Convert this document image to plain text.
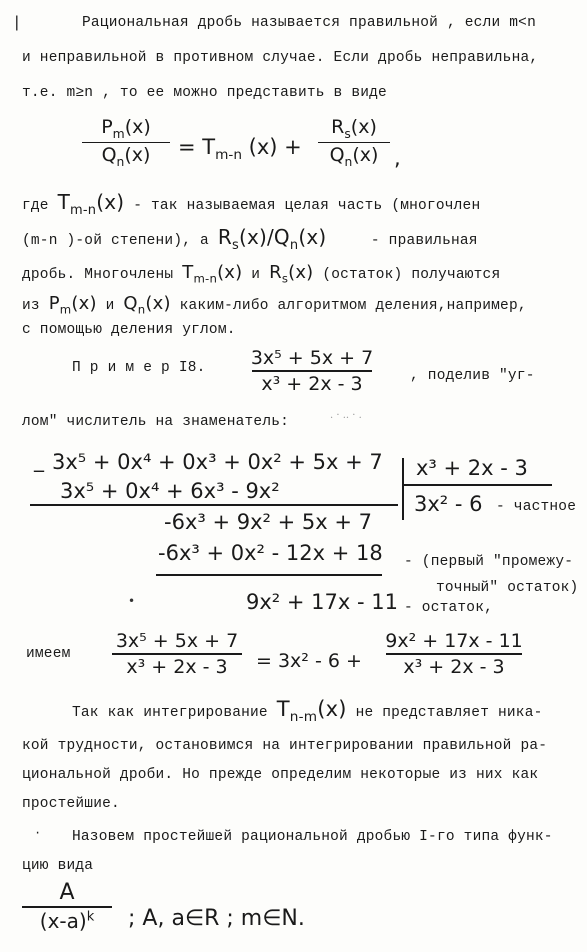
|	Рациональная дробь называется правильной , если m<n
и неправильной в противном случае. Если дробь неправильна,
т.е. m≥n , то ее можно представить в виде
$P_m(x)$
$Q_n(x) = T_{m-n}$ (x) +
$R_s(x)$
$Q_n(x)$ ,
где $T_{m-n}(x)$ - так называемая целая часть (многочлен
(m-n )-ой степени), а $R_s(x)/Q_n(x)$	- правильная
дробь. Многочлены $T_{m-n}(x)$ и $R_s(x)$ (остаток) получаются
из $P_m(x)$ и $Q_n(x)$ каким-либо алгоритмом деления,например,
с помощью деления углом.
П р и м е р I8. 3x⁵ + 5x + 7
x³ + 2x - 3	, поделив "уг-
лом" числитель на знаменатель:	. · .. · .
_ 3x⁵ + 0x⁴ + 0x³ + 0x² + 5x + 7
3x⁵ + 0x⁴ + 6x³ - 9x²
x³ + 2x - 3
3x² - 6 - частное
-6x³ + 9x² + 5x + 7
-6x³ + 0x² - 12x + 18 - (первый "промежу-
точный" остаток)
9x² + 17x - 11 - остаток,
•
имеем
3x⁵ + 5x + 7
x³ + 2x - 3 = 3x² - 6 +
9x² + 17x - 11
x³ + 2x - 3
Так как интегрирование $T_{n-m}(x)$ не представляет ника-
кой трудности, остановимся на интегрировании правильной ра-
циональной дроби. Но прежде определим некоторые из них как
простейшие.
· Назовем простейшей рациональной дробью I-го типа функ-
цию вида
A
$(x-a)^k$ ; A, a∈R ; m∈N.
